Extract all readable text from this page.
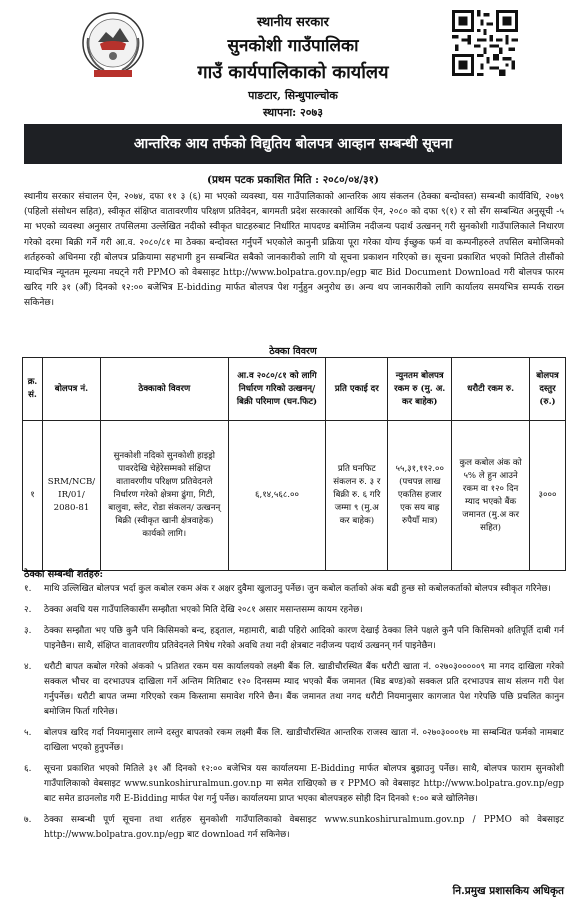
स्थानीय सरकार
सुनकोशी गाउँपालिका
गाउँ कार्यपालिकाको कार्यालय
पाङटार, सिन्धुपाल्चोक
स्थापना: २०७३
आन्तरिक आय तर्फको विद्युतिय बोलपत्र आव्हान सम्बन्धी सूचना
(प्रथम पटक प्रकाशित मिति : २०८०/०४/३१)
स्थानीय सरकार संचालन ऐन, २०७४, दफा ११ ३ (६) मा भएको व्यवस्था, यस गाउँपालिकाको आन्तरिक आय संकलन (ठेक्का बन्दोवस्त) सम्बन्धी कार्यविधि, २०७९ (पहिलो संसोधन सहित), स्वीकृत संक्षिप्त वातावरणीय परिक्षण प्रतिवेदन, बागमती प्रदेश सरकारको आर्थिक ऐन, २०८० को दफा ९(१) र सो सँग सम्बन्धित अनुसूची -५ मा भएको व्यवस्था अनुसार तपसिलमा उल्लेखित नदीको स्वीकृत घाटहरुबाट निर्धारित मापदण्ड बमोजिम नदीजन्य पदार्थ उत्खनन् गरी सुनकोशी गाउँपालिकाले निधारण गरेको दरमा बिक्री गर्ने गरी आ.व. २०८०/८१ मा ठेक्का बन्दोवस्त गर्नुपर्ने भएकोले कानुनी प्रक्रिया पूरा गरेका योग्य ईच्छुक फर्म वा कम्पनीहरुले तपसिल बमोजिमको शर्तहरुको अधिनमा रही बोलपत्र प्रक्रियामा सहभागी हुन सम्बन्धित सबैको जानकारीको लागि यो सूचना प्रकाशन गरिएको छ। सूचना प्रकाशित भएको मितिले तीसौंको म्यादभित्र न्यूनतम मूल्यमा नघट्ने गरी PPMO को वेबसाइट http://www.bolpatra.gov.np/egp बाट Bid Document Download गरी बोलपत्र फारम खरिद गरि ३१ (औं) दिनको १२:०० बजेभित्र E-bidding मार्फत बोलपत्र पेश गर्नुहुन अनुरोध छ। अन्य थप जानकारीको लागि कार्यालय समयभित्र सम्पर्क राख्न सकिनेछ।
ठेक्का विवरण
क्र. सं.	बोलपत्र नं.	ठेक्काको विवरण	आ.व २०८०/८१ को लागि निर्धारण गरिको उत्खनन्/बिक्री परिमाण (घन.फिट)	प्रति एकाई दर	न्युनतम बोलपत्र रकम रु (मु. अ. कर बाहेक)	धरौटी रकम रु.	बोलपत्र दस्तुर (रु.)
१	SRM/NCB/ IR/01/ 2080-81	सुनकोशी नदिको सुनकोशी हाइड्रो पावरदेखि चेहेरेसम्मको संक्षिप्त वातावरणीय परिक्षण प्रतिवेदनले निर्धारण गरेको क्षेत्रमा ढुंगा, गिटी, बालुवा, स्लेट, रोडा संकलन/ उत्खनन् बिक्री (स्वीकृत खानी क्षेत्रवाहेक) कार्यको लागि।	६,१४,५६८.००	प्रति घनफिट संकलन रु. ३ र बिक्री रु. ६ गरि जम्मा ९ (मु.अ कर बाहेक)	५५,३१,११२.०० (पचपन्न लाख एकतिस हजार एक सय बाह्र रुपैयाँ मात्र)	कुल कबोल अंक को ५% ले हुन आउने रकम वा १२० दिन म्याद भएको बैंक जमानत (मु.अ कर सहित)	३०००
ठेक्का सम्बन्धी शर्तहरु:
१.	माथि उल्लिखित बोलपत्र भर्दा कुल कबोल रकम अंक र अक्षर दुवैमा खुलाउनु पर्नेछ। जुन कबोल कर्ताको अंक बढी हुन्छ सो कबोलकर्ताको बोलपत्र स्वीकृत गरिनेछ।
२.	ठेक्का अवधि यस गाउँपालिकासँग सम्झौता भएको मिति देखि २०८१ असार मसान्तसम्म कायम रहनेछ।
३.	ठेक्का सम्झौता भए पछि कुनै पनि किसिमको बन्द, हड्ताल, महामारी, बाढी पहिरो आदिको कारण देखाई ठेक्का लिने पक्षले कुनै पनि किसिमको क्षतिपूर्ति दाबी गर्न पाइनेछैन। साथै, संक्षिप्त वातावरणीय प्रतिवेदनले निषेध गरेको अवधि तथा नदी क्षेत्रबाट नदीजन्य पदार्थ उत्खनन् गर्न पाइनेछैन।
४.	धरौटी बापत कबोल गरेको अंकको ५ प्रतिशत रकम यस कार्यालयको लक्ष्मी बैंक लि. खाडीचौरस्थित बैंक धरौटी खाता नं. ०२७०३०००००९ मा नगद दाखिला गरेको सक्कल भौचर वा दरभाउपत्र दाखिला गर्ने अन्तिम मितिबाट १२० दिनसम्म म्याद भएको बैंक जमानत (बिड बण्ड)को सक्कल प्रति दरभाउपत्र साथ संलग्न गरी पेश गर्नुपर्नेछ। धरौटी बापत जम्मा गरिएको रकम किस्तामा समावेश गरिने छैन। बैंक जमानत तथा नगद धरौटी नियमानुसार कागजात पेश गरेपछि पछि प्रचलित कानुन बमोजिम फिर्ता गरिनेछ।
५.	बोलपत्र खरिद गर्दा नियमानुसार लाग्ने दस्तुर बापतको रकम लक्ष्मी बैंक लि. खाडीचौरस्थित आन्तरिक राजस्व खाता नं. ०२७०३०००१७ मा सम्बन्धित फर्मको नामबाट दाखिला भएको हुनुपर्नेछ।
६.	सूचना प्रकाशित भएको मितिले ३१ औं दिनको १२:०० बजेभित्र यस कार्यालयमा E-Bidding मार्फत बोलपत्र बुझाउनु पर्नेछ। साथै, बोलपत्र फाराम सुनकोशी गाउँपालिकाको वेबसाइट www.sunkoshiruralmun.gov.np मा समेत राखिएको छ र PPMO को वेबसाइट http://www.bolpatra.gov.np/egp बाट समेत डाउनलोड गरी E-Bidding मार्फत पेश गर्नु पर्नेछ। कार्यालयमा प्राप्त भएका बोलपत्रहरु सोही दिन दिनको १:०० बजे खोलिनेछ।
७.	ठेक्का सम्बन्धी पूर्ण सूचना तथा शर्तहरु सुनकोशी गाउँपालिकाको वेबसाइट www.sunkoshiruralmum.gov.np / PPMO को वेबसाइट http://www.bolpatra.gov.np/egp बाट download गर्न सकिनेछ।
नि.प्रमुख प्रशासकिय अधिकृत
